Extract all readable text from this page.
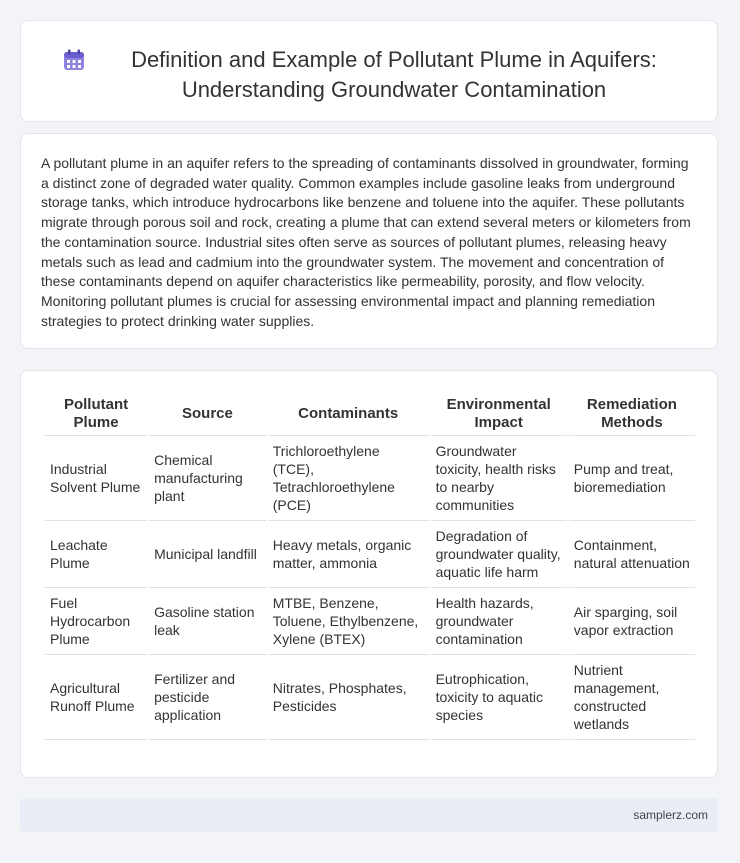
Definition and Example of Pollutant Plume in Aquifers: Understanding Groundwater Contamination

A pollutant plume in an aquifer refers to the spreading of contaminants dissolved in groundwater, forming a distinct zone of degraded water quality. Common examples include gasoline leaks from underground storage tanks, which introduce hydrocarbons like benzene and toluene into the aquifer. These pollutants migrate through porous soil and rock, creating a plume that can extend several meters or kilometers from the contamination source. Industrial sites often serve as sources of pollutant plumes, releasing heavy metals such as lead and cadmium into the groundwater system. The movement and concentration of these contaminants depend on aquifer characteristics like permeability, porosity, and flow velocity. Monitoring pollutant plumes is crucial for assessing environmental impact and planning remediation strategies to protect drinking water supplies.

Pollutant Plume	Source	Contaminants	Environmental Impact	Remediation Methods
Industrial Solvent Plume	Chemical manufacturing plant	Trichloroethylene (TCE), Tetrachloroethylene (PCE)	Groundwater toxicity, health risks to nearby communities	Pump and treat, bioremediation
Leachate Plume	Municipal landfill	Heavy metals, organic matter, ammonia	Degradation of groundwater quality, aquatic life harm	Containment, natural attenuation
Fuel Hydrocarbon Plume	Gasoline station leak	MTBE, Benzene, Toluene, Ethylbenzene, Xylene (BTEX)	Health hazards, groundwater contamination	Air sparging, soil vapor extraction
Agricultural Runoff Plume	Fertilizer and pesticide application	Nitrates, Phosphates, Pesticides	Eutrophication, toxicity to aquatic species	Nutrient management, constructed wetlands
samplerz.com
